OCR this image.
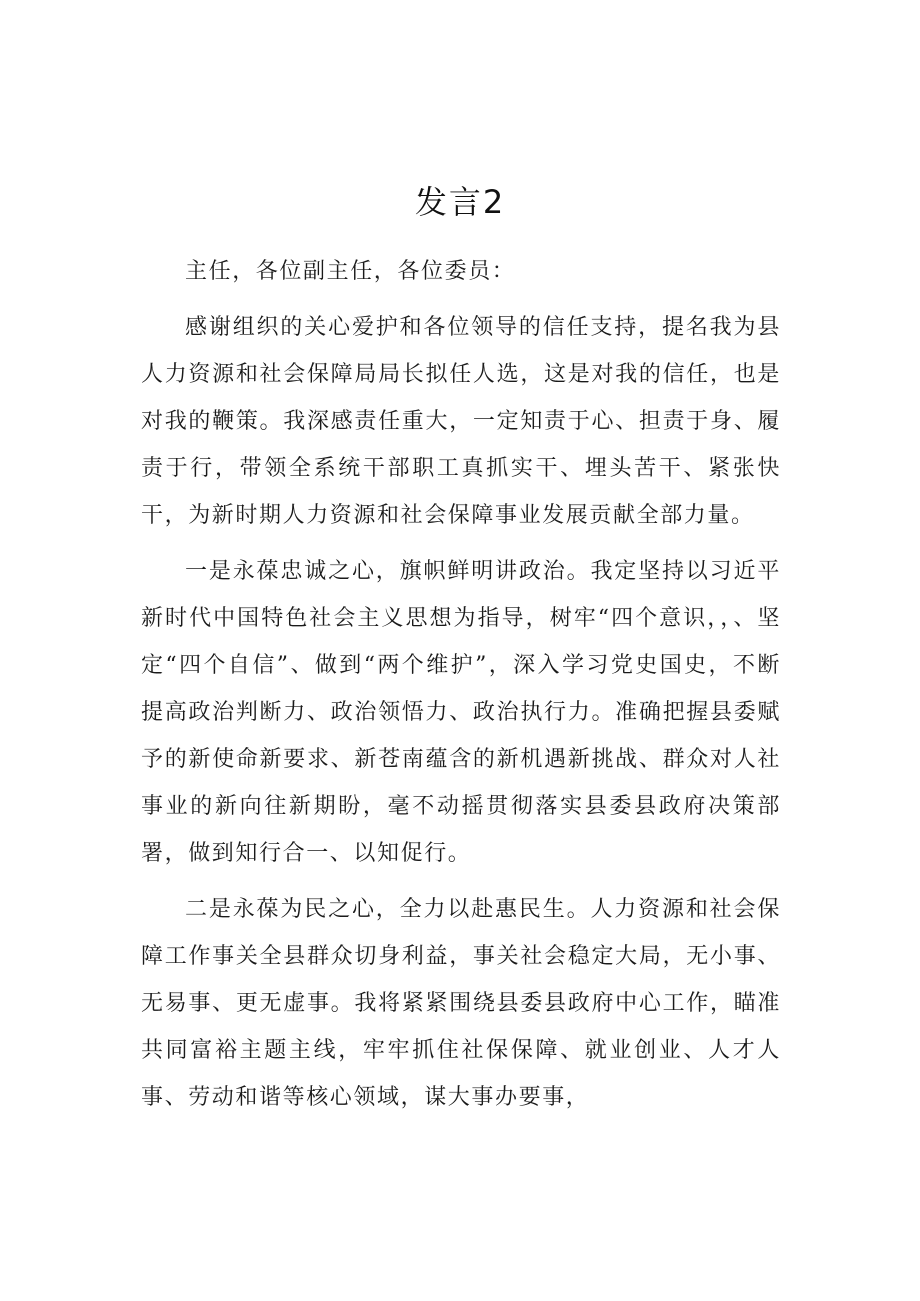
发言2

主任，各位副主任，各位委员：

感谢组织的关心爱护和各位领导的信任支持，提名我为县人力资源和社会保障局局长拟任人选，这是对我的信任，也是对我的鞭策。我深感责任重大，一定知责于心、担责于身、履责于行，带领全系统干部职工真抓实干、埋头苦干、紧张快干，为新时期人力资源和社会保障事业发展贡献全部力量。

一是永葆忠诚之心，旗帜鲜明讲政治。我定坚持以习近平新时代中国特色社会主义思想为指导，树牢“四个意识，，、坚定“四个自信”、做到“两个维护”，深入学习党史国史，不断提高政治判断力、政治领悟力、政治执行力。准确把握县委赋予的新使命新要求、新苍南蕴含的新机遇新挑战、群众对人社事业的新向往新期盼，毫不动摇贯彻落实县委县政府决策部署，做到知行合一、以知促行。

二是永葆为民之心，全力以赴惠民生。人力资源和社会保障工作事关全县群众切身利益，事关社会稳定大局，无小事、无易事、更无虚事。我将紧紧围绕县委县政府中心工作，瞄准共同富裕主题主线，牢牢抓住社保保障、就业创业、人才人事、劳动和谐等核心领域，谋大事办要事，
